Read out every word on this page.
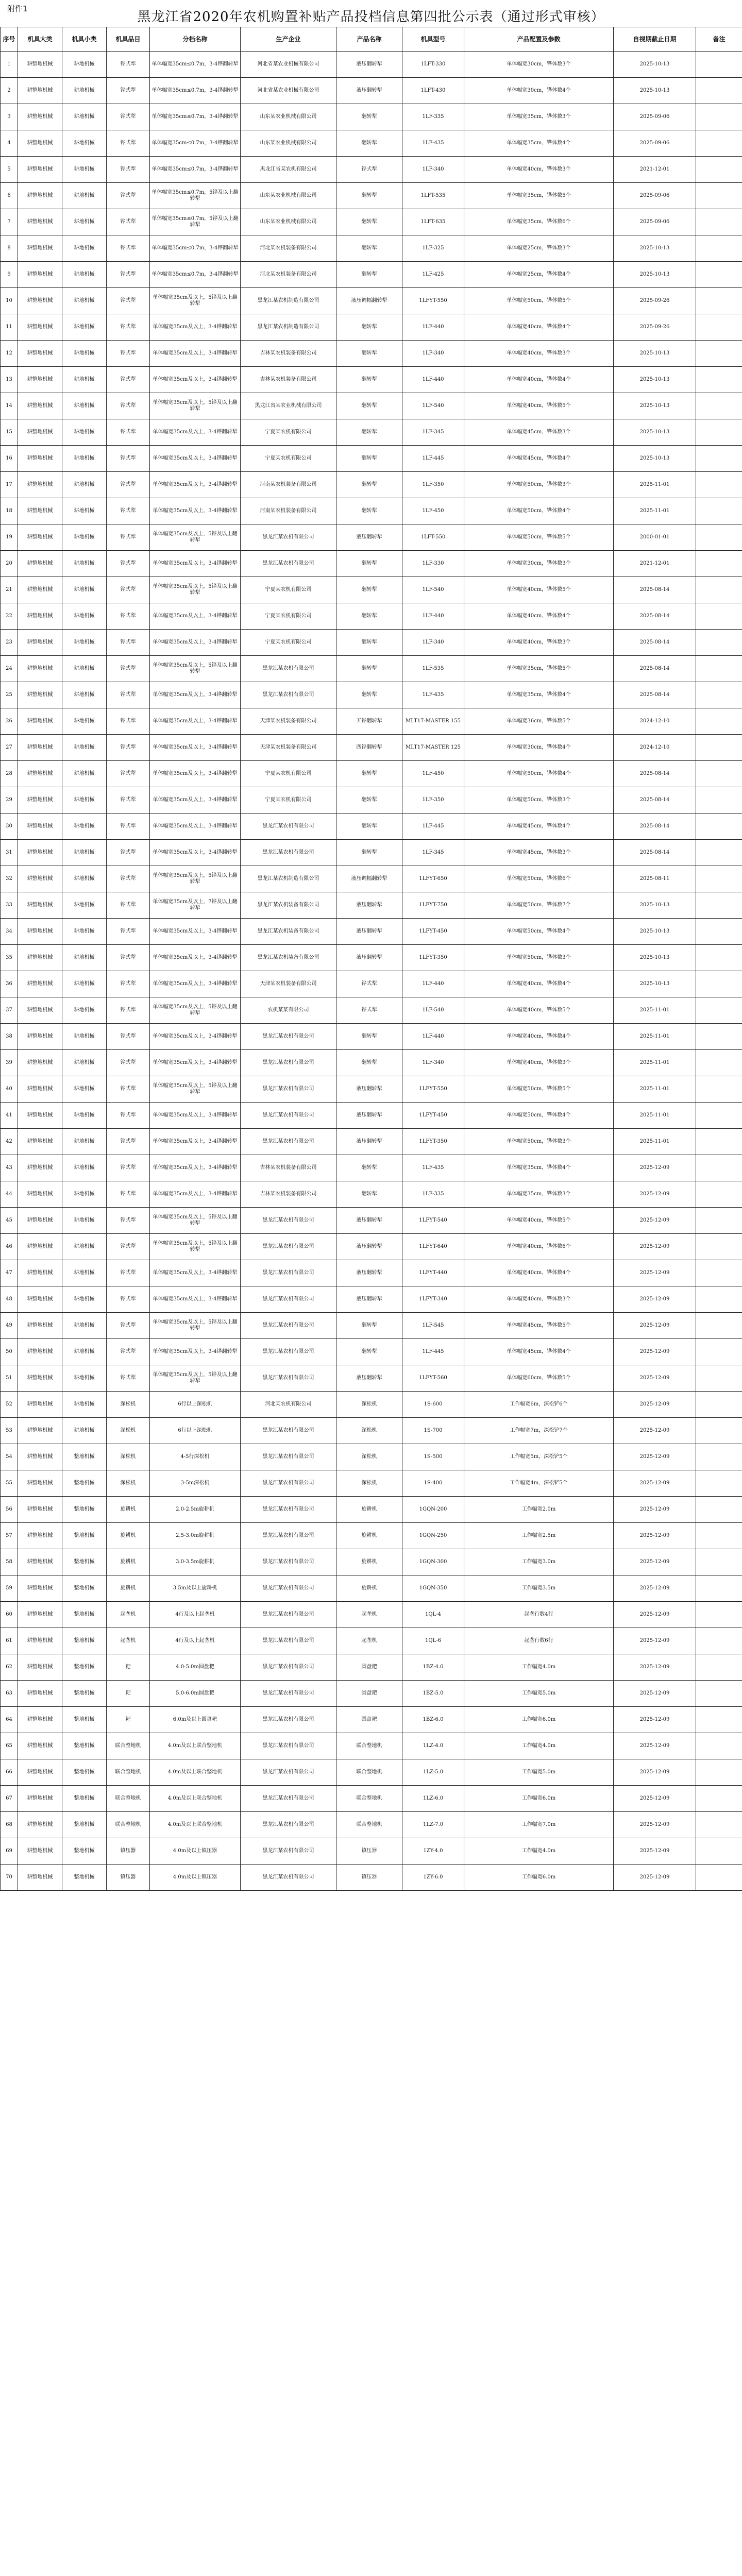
附件1
黑龙江省2020年农机购置补贴产品投档信息第四批公示表（通过形式审核）
序号	机具大类	机具小类	机具品目	分档名称	生产企业	产品名称	机具型号	产品配置及参数	自视期截止日期	备注
1	耕整地机械	耕地机械	铧式犁	单体幅宽35cm≤0.7m，3-4铧翻转犁	河北省某农业机械有限公司	液压翻转犁	1LFT-330	单体幅宽30cm，铧体数3个	2025-10-13	
2	耕整地机械	耕地机械	铧式犁	单体幅宽35cm≤0.7m，3-4铧翻转犁	河北省某农业机械有限公司	液压翻转犁	1LFT-430	单体幅宽30cm，铧体数4个	2025-10-13	
3	耕整地机械	耕地机械	铧式犁	单体幅宽35cm≤0.7m，3-4铧翻转犁	山东某农业机械有限公司	翻转犁	1LF-335	单体幅宽35cm，铧体数3个	2025-09-06	
4	耕整地机械	耕地机械	铧式犁	单体幅宽35cm≤0.7m，3-4铧翻转犁	山东某农业机械有限公司	翻转犁	1LF-435	单体幅宽35cm，铧体数4个	2025-09-06	
5	耕整地机械	耕地机械	铧式犁	单体幅宽35cm≤0.7m，3-4铧翻转犁	黑龙江省某农机有限公司	铧式犁	1LF-340	单体幅宽40cm，铧体数3个	2021-12-01	
6	耕整地机械	耕地机械	铧式犁	单体幅宽35cm≤0.7m，5铧及以上翻转犁	山东某农业机械有限公司	翻转犁	1LFT-535	单体幅宽35cm，铧体数5个	2025-09-06	
7	耕整地机械	耕地机械	铧式犁	单体幅宽35cm≤0.7m，5铧及以上翻转犁	山东某农业机械有限公司	翻转犁	1LFT-635	单体幅宽35cm，铧体数6个	2025-09-06	
8	耕整地机械	耕地机械	铧式犁	单体幅宽35cm≤0.7m，3-4铧翻转犁	河北某农机装备有限公司	翻转犁	1LF-325	单体幅宽25cm，铧体数3个	2025-10-13	
9	耕整地机械	耕地机械	铧式犁	单体幅宽35cm≤0.7m，3-4铧翻转犁	河北某农机装备有限公司	翻转犁	1LF-425	单体幅宽25cm，铧体数4个	2025-10-13	
10	耕整地机械	耕地机械	铧式犁	单体幅宽35cm及以上，5铧及以上翻转犁	黑龙江某农机制造有限公司	液压调幅翻转犁	1LFYT-550	单体幅宽50cm，铧体数5个	2025-09-26	
11	耕整地机械	耕地机械	铧式犁	单体幅宽35cm及以上，3-4铧翻转犁	黑龙江某农机制造有限公司	翻转犁	1LF-440	单体幅宽40cm，铧体数4个	2025-09-26	
12	耕整地机械	耕地机械	铧式犁	单体幅宽35cm及以上，3-4铧翻转犁	吉林某农机装备有限公司	翻转犁	1LF-340	单体幅宽40cm，铧体数3个	2025-10-13	
13	耕整地机械	耕地机械	铧式犁	单体幅宽35cm及以上，3-4铧翻转犁	吉林某农机装备有限公司	翻转犁	1LF-440	单体幅宽40cm，铧体数4个	2025-10-13	
14	耕整地机械	耕地机械	铧式犁	单体幅宽35cm及以上，5铧及以上翻转犁	黑龙江省某农业机械有限公司	翻转犁	1LF-540	单体幅宽40cm，铧体数5个	2025-10-13	
15	耕整地机械	耕地机械	铧式犁	单体幅宽35cm及以上，3-4铧翻转犁	宁夏某农机有限公司	翻转犁	1LF-345	单体幅宽45cm，铧体数3个	2025-10-13	
16	耕整地机械	耕地机械	铧式犁	单体幅宽35cm及以上，3-4铧翻转犁	宁夏某农机有限公司	翻转犁	1LF-445	单体幅宽45cm，铧体数4个	2025-10-13	
17	耕整地机械	耕地机械	铧式犁	单体幅宽35cm及以上，3-4铧翻转犁	河南某农机装备有限公司	翻转犁	1LF-350	单体幅宽50cm，铧体数3个	2025-11-01	
18	耕整地机械	耕地机械	铧式犁	单体幅宽35cm及以上，3-4铧翻转犁	河南某农机装备有限公司	翻转犁	1LF-450	单体幅宽50cm，铧体数4个	2025-11-01	
19	耕整地机械	耕地机械	铧式犁	单体幅宽35cm及以上，5铧及以上翻转犁	黑龙江某农机有限公司	液压翻转犁	1LFT-550	单体幅宽50cm，铧体数5个	2000-01-01	
20	耕整地机械	耕地机械	铧式犁	单体幅宽35cm及以上，3-4铧翻转犁	黑龙江某农机有限公司	翻转犁	1LF-330	单体幅宽30cm，铧体数3个	2021-12-01	
21	耕整地机械	耕地机械	铧式犁	单体幅宽35cm及以上，5铧及以上翻转犁	宁夏某农机有限公司	翻转犁	1LF-540	单体幅宽40cm，铧体数5个	2025-08-14	
22	耕整地机械	耕地机械	铧式犁	单体幅宽35cm及以上，3-4铧翻转犁	宁夏某农机有限公司	翻转犁	1LF-440	单体幅宽40cm，铧体数4个	2025-08-14	
23	耕整地机械	耕地机械	铧式犁	单体幅宽35cm及以上，3-4铧翻转犁	宁夏某农机有限公司	翻转犁	1LF-340	单体幅宽40cm，铧体数3个	2025-08-14	
24	耕整地机械	耕地机械	铧式犁	单体幅宽35cm及以上，5铧及以上翻转犁	黑龙江某农机有限公司	翻转犁	1LF-535	单体幅宽35cm，铧体数5个	2025-08-14	
25	耕整地机械	耕地机械	铧式犁	单体幅宽35cm及以上，3-4铧翻转犁	黑龙江某农机有限公司	翻转犁	1LF-435	单体幅宽35cm，铧体数4个	2025-08-14	
26	耕整地机械	耕地机械	铧式犁	单体幅宽35cm及以上，3-4铧翻转犁	天津某农机装备有限公司	五铧翻转犁	MLT17-MASTER 155	单体幅宽36cm，铧体数5个	2024-12-10	
27	耕整地机械	耕地机械	铧式犁	单体幅宽35cm及以上，3-4铧翻转犁	天津某农机装备有限公司	四铧翻转犁	MLT17-MASTER 125	单体幅宽30cm，铧体数4个	2024-12-10	
28	耕整地机械	耕地机械	铧式犁	单体幅宽35cm及以上，3-4铧翻转犁	宁夏某农机有限公司	翻转犁	1LF-450	单体幅宽50cm，铧体数4个	2025-08-14	
29	耕整地机械	耕地机械	铧式犁	单体幅宽35cm及以上，3-4铧翻转犁	宁夏某农机有限公司	翻转犁	1LF-350	单体幅宽50cm，铧体数3个	2025-08-14	
30	耕整地机械	耕地机械	铧式犁	单体幅宽35cm及以上，3-4铧翻转犁	黑龙江某农机有限公司	翻转犁	1LF-445	单体幅宽45cm，铧体数4个	2025-08-14	
31	耕整地机械	耕地机械	铧式犁	单体幅宽35cm及以上，3-4铧翻转犁	黑龙江某农机有限公司	翻转犁	1LF-345	单体幅宽45cm，铧体数3个	2025-08-14	
32	耕整地机械	耕地机械	铧式犁	单体幅宽35cm及以上，5铧及以上翻转犁	黑龙江某农机制造有限公司	液压调幅翻转犁	1LFYT-650	单体幅宽50cm，铧体数6个	2025-08-11	
33	耕整地机械	耕地机械	铧式犁	单体幅宽35cm及以上，7铧及以上翻转犁	黑龙江某农机装备有限公司	液压翻转犁	1LFYT-750	单体幅宽50cm，铧体数7个	2025-10-13	
34	耕整地机械	耕地机械	铧式犁	单体幅宽35cm及以上，3-4铧翻转犁	黑龙江某农机装备有限公司	液压翻转犁	1LFYT-450	单体幅宽50cm，铧体数4个	2025-10-13	
35	耕整地机械	耕地机械	铧式犁	单体幅宽35cm及以上，3-4铧翻转犁	黑龙江某农机装备有限公司	液压翻转犁	1LFYT-350	单体幅宽50cm，铧体数3个	2025-10-13	
36	耕整地机械	耕地机械	铧式犁	单体幅宽35cm及以上，3-4铧翻转犁	天津某农机装备有限公司	铧式犁	1LF-440	单体幅宽40cm，铧体数4个	2025-10-13	
37	耕整地机械	耕地机械	铧式犁	单体幅宽35cm及以上，5铧及以上翻转犁	农机某某有限公司	铧式犁	1LF-540	单体幅宽40cm，铧体数5个	2025-11-01	
38	耕整地机械	耕地机械	铧式犁	单体幅宽35cm及以上，3-4铧翻转犁	黑龙江某农机有限公司	翻转犁	1LF-440	单体幅宽40cm，铧体数4个	2025-11-01	
39	耕整地机械	耕地机械	铧式犁	单体幅宽35cm及以上，3-4铧翻转犁	黑龙江某农机有限公司	翻转犁	1LF-340	单体幅宽40cm，铧体数3个	2025-11-01	
40	耕整地机械	耕地机械	铧式犁	单体幅宽35cm及以上，5铧及以上翻转犁	黑龙江某农机有限公司	液压翻转犁	1LFYT-550	单体幅宽50cm，铧体数5个	2025-11-01	
41	耕整地机械	耕地机械	铧式犁	单体幅宽35cm及以上，3-4铧翻转犁	黑龙江某农机有限公司	液压翻转犁	1LFYT-450	单体幅宽50cm，铧体数4个	2025-11-01	
42	耕整地机械	耕地机械	铧式犁	单体幅宽35cm及以上，3-4铧翻转犁	黑龙江某农机有限公司	液压翻转犁	1LFYT-350	单体幅宽50cm，铧体数3个	2025-11-01	
43	耕整地机械	耕地机械	铧式犁	单体幅宽35cm及以上，3-4铧翻转犁	吉林某农机装备有限公司	翻转犁	1LF-435	单体幅宽35cm，铧体数4个	2025-12-09	
44	耕整地机械	耕地机械	铧式犁	单体幅宽35cm及以上，3-4铧翻转犁	吉林某农机装备有限公司	翻转犁	1LF-335	单体幅宽35cm，铧体数3个	2025-12-09	
45	耕整地机械	耕地机械	铧式犁	单体幅宽35cm及以上，5铧及以上翻转犁	黑龙江某农机有限公司	液压翻转犁	1LFYT-540	单体幅宽40cm，铧体数5个	2025-12-09	
46	耕整地机械	耕地机械	铧式犁	单体幅宽35cm及以上，5铧及以上翻转犁	黑龙江某农机有限公司	液压翻转犁	1LFYT-640	单体幅宽40cm，铧体数6个	2025-12-09	
47	耕整地机械	耕地机械	铧式犁	单体幅宽35cm及以上，3-4铧翻转犁	黑龙江某农机有限公司	液压翻转犁	1LFYT-440	单体幅宽40cm，铧体数4个	2025-12-09	
48	耕整地机械	耕地机械	铧式犁	单体幅宽35cm及以上，3-4铧翻转犁	黑龙江某农机有限公司	液压翻转犁	1LFYT-340	单体幅宽40cm，铧体数3个	2025-12-09	
49	耕整地机械	耕地机械	铧式犁	单体幅宽35cm及以上，5铧及以上翻转犁	黑龙江某农机有限公司	翻转犁	1LF-545	单体幅宽45cm，铧体数5个	2025-12-09	
50	耕整地机械	耕地机械	铧式犁	单体幅宽35cm及以上，3-4铧翻转犁	黑龙江某农机有限公司	翻转犁	1LF-445	单体幅宽45cm，铧体数4个	2025-12-09	
51	耕整地机械	耕地机械	铧式犁	单体幅宽35cm及以上，5铧及以上翻转犁	黑龙江某农机有限公司	液压翻转犁	1LFYT-560	单体幅宽60cm，铧体数5个	2025-12-09	
52	耕整地机械	耕地机械	深松机	6行以上深松机	河北某农机有限公司	深松机	1S-600	工作幅宽6m，深松铲6个	2025-12-09	
53	耕整地机械	耕地机械	深松机	6行以上深松机	黑龙江某农机有限公司	深松机	1S-700	工作幅宽7m，深松铲7个	2025-12-09	
54	耕整地机械	整地机械	深松机	4-5行深松机	黑龙江某农机有限公司	深松机	1S-500	工作幅宽5m，深松铲5个	2025-12-09	
55	耕整地机械	整地机械	深松机	3-5m深松机	黑龙江某农机有限公司	深松机	1S-400	工作幅宽4m，深松铲5个	2025-12-09	
56	耕整地机械	整地机械	旋耕机	2.0-2.5m旋耕机	黑龙江某农机有限公司	旋耕机	1GQN-200	工作幅宽2.0m	2025-12-09	
57	耕整地机械	整地机械	旋耕机	2.5-3.0m旋耕机	黑龙江某农机有限公司	旋耕机	1GQN-250	工作幅宽2.5m	2025-12-09	
58	耕整地机械	整地机械	旋耕机	3.0-3.5m旋耕机	黑龙江某农机有限公司	旋耕机	1GQN-300	工作幅宽3.0m	2025-12-09	
59	耕整地机械	整地机械	旋耕机	3.5m及以上旋耕机	黑龙江某农机有限公司	旋耕机	1GQN-350	工作幅宽3.5m	2025-12-09	
60	耕整地机械	整地机械	起垄机	4行及以上起垄机	黑龙江某农机有限公司	起垄机	1QL-4	起垄行数4行	2025-12-09	
61	耕整地机械	整地机械	起垄机	4行及以上起垄机	黑龙江某农机有限公司	起垄机	1QL-6	起垄行数6行	2025-12-09	
62	耕整地机械	整地机械	耙	4.0-5.0m圆盘耙	黑龙江某农机有限公司	圆盘耙	1BZ-4.0	工作幅宽4.0m	2025-12-09	
63	耕整地机械	整地机械	耙	5.0-6.0m圆盘耙	黑龙江某农机有限公司	圆盘耙	1BZ-5.0	工作幅宽5.0m	2025-12-09	
64	耕整地机械	整地机械	耙	6.0m及以上圆盘耙	黑龙江某农机有限公司	圆盘耙	1BZ-6.0	工作幅宽6.0m	2025-12-09	
65	耕整地机械	整地机械	联合整地机	4.0m及以上联合整地机	黑龙江某农机有限公司	联合整地机	1LZ-4.0	工作幅宽4.0m	2025-12-09	
66	耕整地机械	整地机械	联合整地机	4.0m及以上联合整地机	黑龙江某农机有限公司	联合整地机	1LZ-5.0	工作幅宽5.0m	2025-12-09	
67	耕整地机械	整地机械	联合整地机	4.0m及以上联合整地机	黑龙江某农机有限公司	联合整地机	1LZ-6.0	工作幅宽6.0m	2025-12-09	
68	耕整地机械	整地机械	联合整地机	4.0m及以上联合整地机	黑龙江某农机有限公司	联合整地机	1LZ-7.0	工作幅宽7.0m	2025-12-09	
69	耕整地机械	整地机械	镇压器	4.0m及以上镇压器	黑龙江某农机有限公司	镇压器	1ZY-4.0	工作幅宽4.0m	2025-12-09	
70	耕整地机械	整地机械	镇压器	4.0m及以上镇压器	黑龙江某农机有限公司	镇压器	1ZY-6.0	工作幅宽6.0m	2025-12-09	
